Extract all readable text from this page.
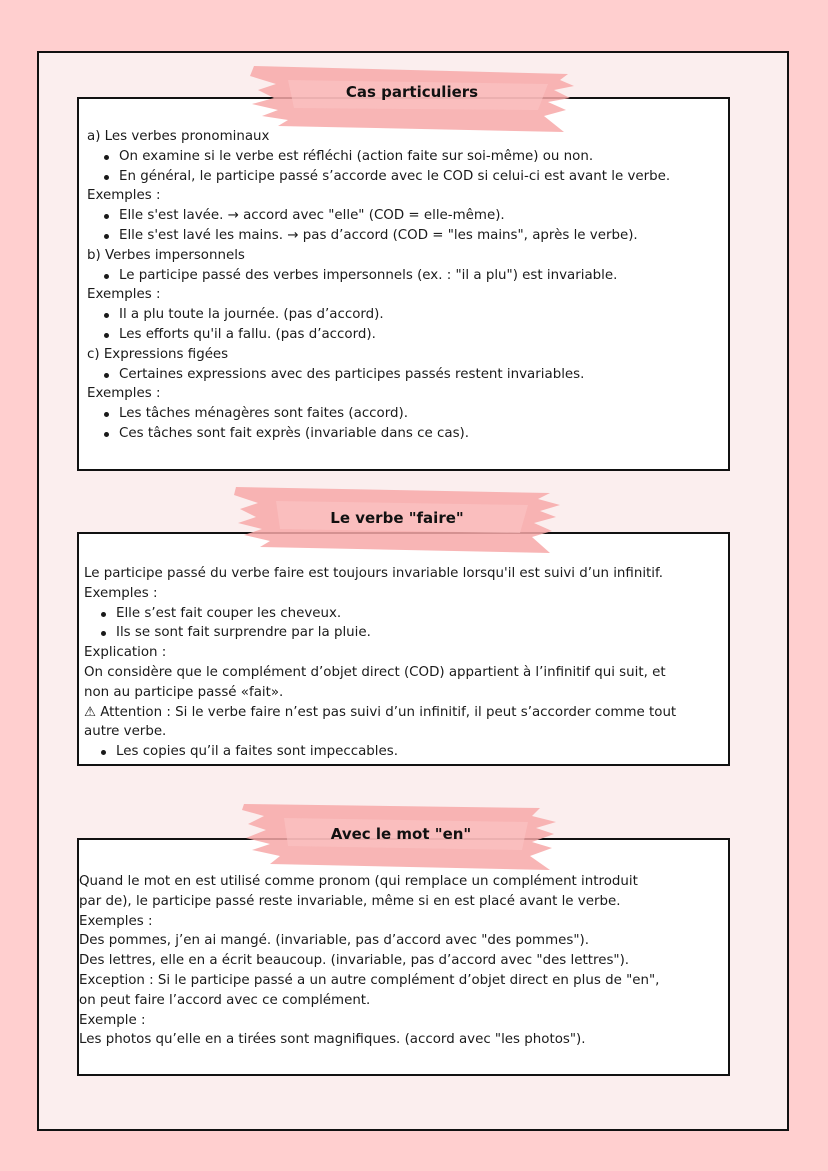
a) Les verbes pronominaux
On examine si le verbe est réfléchi (action faite sur soi-même) ou non.
En général, le participe passé s’accorde avec le COD si celui-ci est avant le verbe.
Exemples :
Elle s'est lavée. → accord avec "elle" (COD = elle-même).
Elle s'est lavé les mains. → pas d’accord (COD = "les mains", après le verbe).
b) Verbes impersonnels
Le participe passé des verbes impersonnels (ex. : "il a plu") est invariable.
Exemples :
Il a plu toute la journée. (pas d’accord).
Les efforts qu'il a fallu. (pas d’accord).
c) Expressions figées
Certaines expressions avec des participes passés restent invariables.
Exemples :
Les tâches ménagères sont faites (accord).
Ces tâches sont fait exprès (invariable dans ce cas).
Cas particuliers
Le participe passé du verbe faire est toujours invariable lorsqu'il est suivi d’un infinitif.
Exemples :
Elle s’est fait couper les cheveux.
Ils se sont fait surprendre par la pluie.
Explication :
On considère que le complément d’objet direct (COD) appartient à l’infinitif qui suit, et
non au participe passé «fait».
⚠ Attention : Si le verbe faire n’est pas suivi d’un infinitif, il peut s’accorder comme tout
autre verbe.
Les copies qu’il a faites sont impeccables.
Le verbe "faire"
Quand le mot en est utilisé comme pronom (qui remplace un complément introduit
par de), le participe passé reste invariable, même si en est placé avant le verbe.
Exemples :
Des pommes, j’en ai mangé. (invariable, pas d’accord avec "des pommes").
Des lettres, elle en a écrit beaucoup. (invariable, pas d’accord avec "des lettres").
Exception : Si le participe passé a un autre complément d’objet direct en plus de "en",
on peut faire l’accord avec ce complément.
Exemple :
Les photos qu’elle en a tirées sont magnifiques. (accord avec "les photos").
Avec le mot "en"
